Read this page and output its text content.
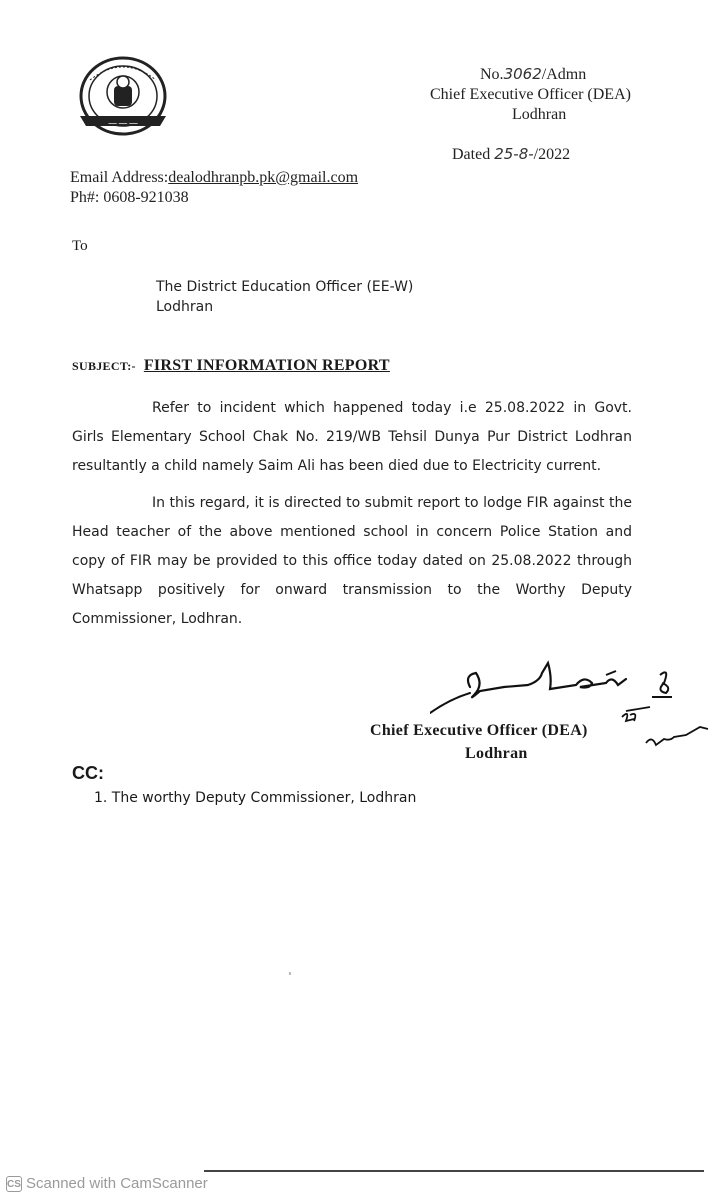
ــــ ــــ ــــ
No.3062/Admn
Chief Executive Officer (DEA)
Lodhran
Dated 25-8-/2022
Email Address:dealodhranpb.pk@gmail.com
Ph#: 0608-921038
To
The District Education Officer (EE-W)
Lodhran
SUBJECT:- FIRST INFORMATION REPORT

Refer to incident which happened today i.e 25.08.2022 in Govt. Girls Elementary School Chak No. 219/WB Tehsil Dunya Pur District Lodhran resultantly a child namely Saim Ali has been died due to Electricity current.

In this regard, it is directed to submit report to lodge FIR against the Head teacher of the above mentioned school in concern Police Station and copy of FIR may be provided to this office today dated on 25.08.2022 through Whatsapp positively for onward transmission to the Worthy Deputy Commissioner, Lodhran.

Chief Executive Officer (DEA)
Lodhran
CC:
1. The worthy Deputy Commissioner, Lodhran
CS Scanned with CamScanner
